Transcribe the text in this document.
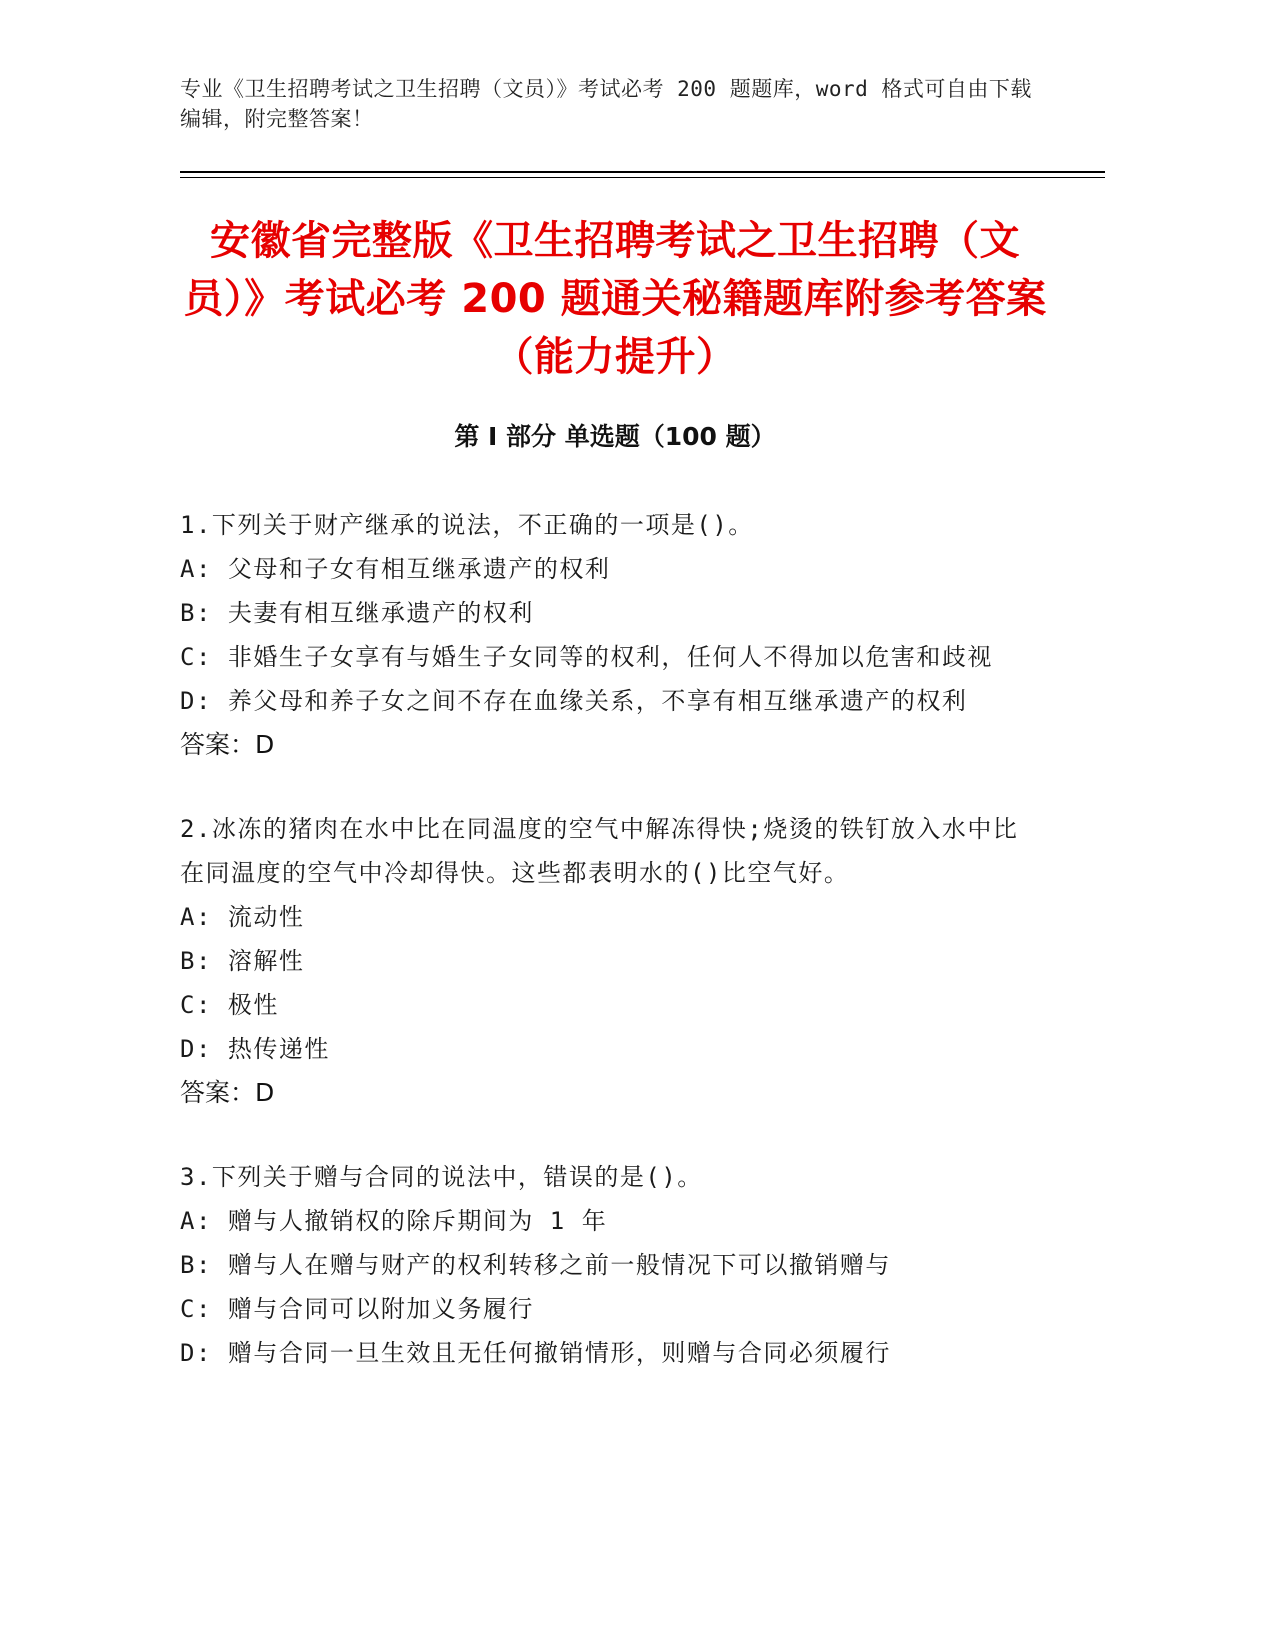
专业《卫生招聘考试之卫生招聘（文员）》考试必考 200 题题库，word 格式可自由下载编辑，附完整答案！
安徽省完整版《卫生招聘考试之卫生招聘（文员）》考试必考 200 题通关秘籍题库附参考答案（能力提升）
第 I 部分 单选题（100 题）
1.下列关于财产继承的说法，不正确的一项是()。
A: 父母和子女有相互继承遗产的权利
B: 夫妻有相互继承遗产的权利
C: 非婚生子女享有与婚生子女同等的权利，任何人不得加以危害和歧视
D: 养父母和养子女之间不存在血缘关系，不享有相互继承遗产的权利
答案：D
2.冰冻的猪肉在水中比在同温度的空气中解冻得快;烧烫的铁钉放入水中比在同温度的空气中冷却得快。这些都表明水的()比空气好。
A: 流动性
B: 溶解性
C: 极性
D: 热传递性
答案：D
3.下列关于赠与合同的说法中，错误的是()。
A: 赠与人撤销权的除斥期间为 1 年
B: 赠与人在赠与财产的权利转移之前一般情况下可以撤销赠与
C: 赠与合同可以附加义务履行
D: 赠与合同一旦生效且无任何撤销情形，则赠与合同必须履行
